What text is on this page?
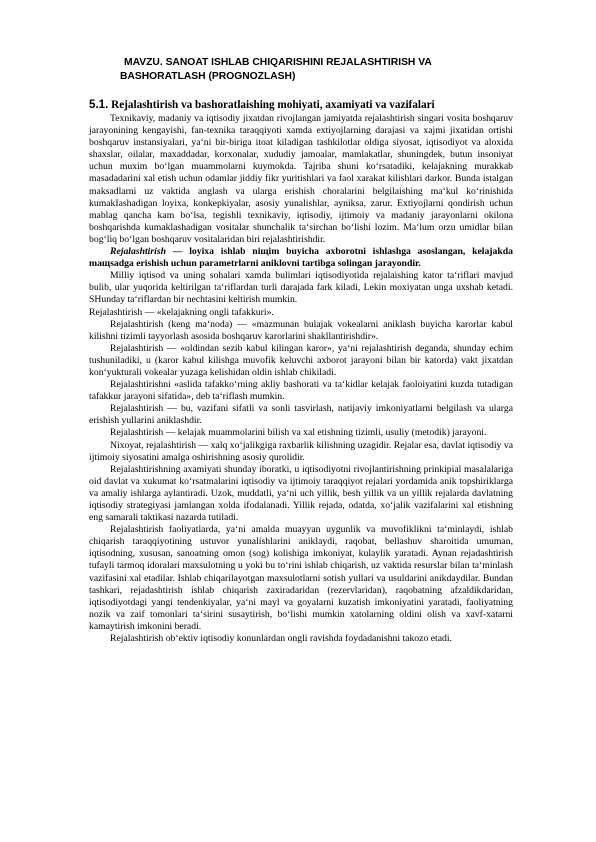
MAVZU. SANOAT ISHLAB CHIQARISHINI REJALASHTIRISH VA
BASHORATLASH (PROGNOZLASH)
5.1. Rejalashtirish va bashoratlaishing mohiyati, axamiyati va vazifalari

Texnikaviy, madaniy va iqtisodiy jixatdan rivojlangan jamiyatda rejalashtirish singari vosita boshqaruv jarayonining kengayishi, fan-texnika taraqqiyoti xamda extiyojlarning darajasi va xajmi jixatidan ortishi boshqaruv instansiyalari, ya‘ni bir-biriga itoat kiladigan tashkilotlar oldiga siyosat, iqtisodiyot va aloxida shaxslar, oilalar, maxaddadar, korxonalar, xududiy jamoalar, mamlakatlar, shuningdek, butun insoniyat uchun muxim bo‘lgan muammolarni kuymokda. Tajriba shuni ko‘rsatadiki, kelajakning murakkab masadadarini xal etish uchun odamlar jiddiy fikr yuritishlari va faol xarakat kilishlari darkor. Bunda istalgan maksadlarni uz vaktida anglash va ularga erishish choralarini belgilaishing ma‘kul ko‘rinishida kumakIashadigan loyixa, konkepkiyalar, asosiy yunalishlar, ayniksa, zarur. Extiyojlarni qondirish uchun mablag qancha kam bo‘lsa, tegishli texnikaviy, iqtisodiy, ijtimoiy va madaniy jarayonlarni okilona boshqarishda kumaklashadigan vositalar shunchalik ta‘sirchan bo‘lishi lozim. Ma‘lum orzu umidlar bilan bog‘liq bo‘lgan boshqaruv vositalaridan biri rejalashtirishdir.

Rejalashtirish — loyixa ishlab niщim buyicha axborotni ishlashga asoslangan, kelajakda maщsadga erishish uchun parametrlarni aniklovni tartibga solingan jarayondir.

Milliy iqtisod va uning sohalari xamda bulimlari iqtisodiyotida rejalaishing kator ta‘riflari mavjud bulib, ular yuqorida keltirilgan ta‘riflardan turli darajada fark kiladi, Lekin moxiyatan unga uxshab ketadi. SHunday ta‘riflardan bir nechtasini keltirish mumkin.

Rejalashtirish — «kelajakning ongli tafakkuri».

Rejalashtirish (keng ma‘noda) — «mazmunan bulajak vokealarni aniklash buyicha karorlar kabul kilishni tizimli tayyorlash asosida boshqaruv karorlarini shakllantirishdir».

Rejalashtirish — «oldindan sezib kabul kilingan karor», ya‘ni rejalashtirish deganda, shunday echim tushuniladiki, u (karor kabul kilishga muvofik keluvchi axborot jarayoni bilan bir katorda) vakt jixatdan kon‘yukturali vokealar yuzaga kelishidan oldin ishlab chikiladi.

Rejalashtirishni «aslida tafakko‘rning akliy bashorati va ta‘kidlar kelajak faoloiyatini kuzda tutadigan tafakkur jarayoni sifatida», deb ta‘riflash mumkin.

Rejalashtirish — bu, vazifani sifatli va sonli tasvirlash, natijaviy imkoniyatlarni belgilash va ularga erishish yullarini aniklashdir.

Rejalashtirish — kelajak muammolarini bilish va xal etishning tizimli, usuliy (metodik) jarayoni.

Nixoyat, rejalashtirish — xalq xo‘jalikgiga raxbarlik kilishning uzagidir. Rejalar esa, davlat iqtisodiy va ijtimoiy siyosatini amalga oshirishning asosiy qurolidir.

Rejalashtirishning axamiyati shunday iboratki, u iqtisodiyotni rivojlantirishning prinkipial masalalariga oid davlat va xukumat ko‘rsatmalarini iqtisodiy va ijtimoiy taraqqiyot rejalari yordamida anik topshiriklarga va amaliy ishlarga aylantiradi. Uzok, muddatli, ya‘ni uch yillik, besh yillik va un yillik rejalarda davlatning iqtisodiy strategiyasi jamlangan xolda ifodalanadi. Yillik rejada, odatda, xo‘jalik vazifalarini xal etishning eng samarali taktikasi nazarda tutiladi.

Rejalashtirish faoliyatlarda, ya‘ni amalda muayyan uygunlik va muvofiklikni ta‘minlaydi, ishlab chiqarish taraqqiyotining ustuvor yunalishlarini aniklaydi, raqobat, bellashuv sharoitida umuman, iqtisodning, xususan, sanoatning omon (sog) kolishiga imkoniyat, kulaylik yaratadi. Aynan rejadashtirish tufayli tarmoq idoralari maxsulotning u yoki bu to‘rini ishlab chiqarish, uz vaktida resurslar bilan ta‘minlash vazifasini xal etadilar. Ishlab chiqarilayotgan maxsulotlarni sotish yullari va usuldarini anikdaydilar. Bundan tashkari, rejadashtirish ishlab chiqarish zaxiradaridan (rezervlaridan), raqobatning afzaldikdaridan, iqtisodiyotdagi yangi tendenkiyalar, ya‘ni mayl va goyalarni kuzatish imkoniyatini yaratadi, faoliyatning nozik va zaif tomonlari ta‘sirini susaytirish, bo‘lishi mumkin xatolarning oldini olish va xavf-xatarni kamaytirish imkonini beradi.

Rejalashtirish ob‘ektiv iqtisodiy konunlardan ongli ravishda foydadanishni takozo etadi.
